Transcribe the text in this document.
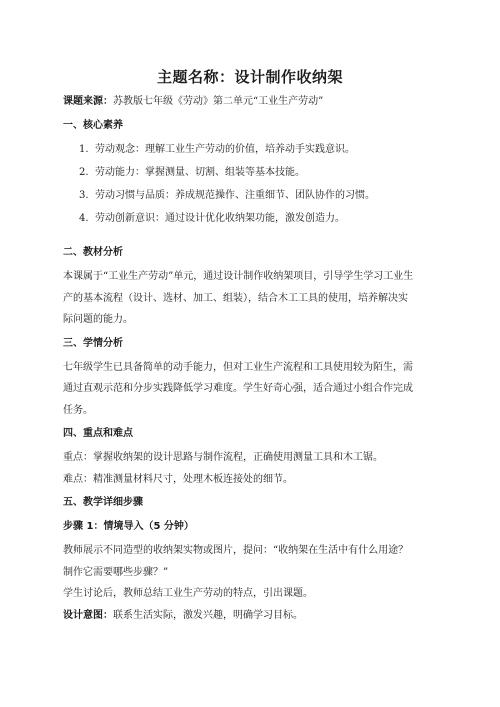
主题名称：设计制作收纳架

课题来源：苏教版七年级《劳动》第二单元“工业生产劳动”

一、核心素养
1. 劳动观念：理解工业生产劳动的价值，培养动手实践意识。
2. 劳动能力：掌握测量、切割、组装等基本技能。
3. 劳动习惯与品质：养成规范操作、注重细节、团队协作的习惯。
4. 劳动创新意识：通过设计优化收纳架功能，激发创造力。
二、教材分析

本课属于“工业生产劳动”单元，通过设计制作收纳架项目，引导学生学习工业生

产的基本流程（设计、选材、加工、组装），结合木工工具的使用，培养解决实

际问题的能力。

三、学情分析

七年级学生已具备简单的动手能力，但对工业生产流程和工具使用较为陌生，需

通过直观示范和分步实践降低学习难度。学生好奇心强，适合通过小组合作完成

任务。

四、重点和难点

重点：掌握收纳架的设计思路与制作流程，正确使用测量工具和木工锯。

难点：精准测量材料尺寸，处理木板连接处的细节。

五、教学详细步骤

步骤 1：情境导入（5 分钟）

教师展示不同造型的收纳架实物或图片，提问：“收纳架在生活中有什么用途？

制作它需要哪些步骤？”

学生讨论后，教师总结工业生产劳动的特点，引出课题。

设计意图：联系生活实际，激发兴趣，明确学习目标。
